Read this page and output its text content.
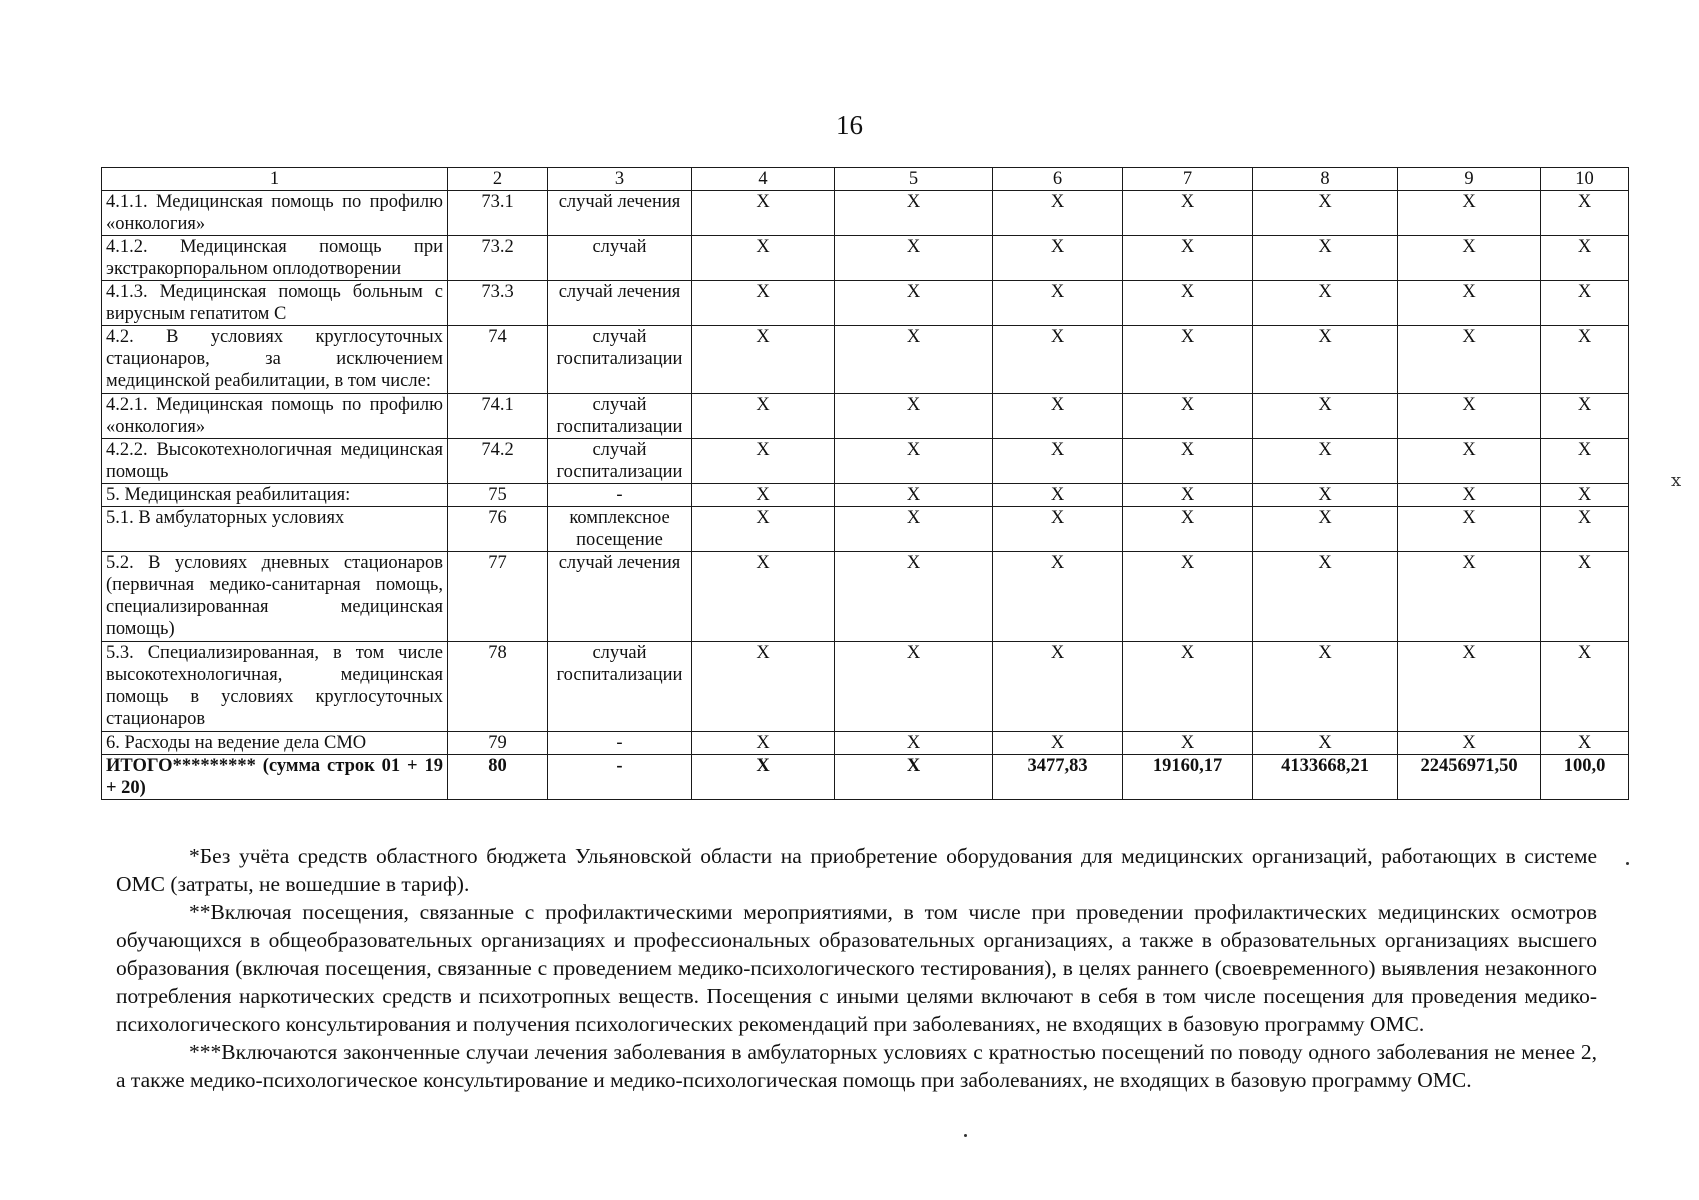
16
1	2	3	4	5	6	7	8	9	10
4.1.1. Медицинская помощь по профилю «онкология»	73.1	случай лечения	X	X	X	X	X	X	X
4.1.2. Медицинская помощь при экстракорпоральном оплодотворении	73.2	случай	X	X	X	X	X	X	X
4.1.3. Медицинская помощь больным с вирусным гепатитом С	73.3	случай лечения	X	X	X	X	X	X	X
4.2. В условиях круглосуточных стационаров, за исключением медицинской реабилитации, в том числе:	74	случай госпитализации	X	X	X	X	X	X	X
4.2.1. Медицинская помощь по профилю «онкология»	74.1	случай госпитализации	X	X	X	X	X	X	X
4.2.2. Высокотехнологичная медицинская помощь	74.2	случай госпитализации	X	X	X	X	X	X	X
5. Медицинская реабилитация:	75	-	X	X	X	X	X	X	X
5.1. В амбулаторных условиях	76	комплексное посещение	X	X	X	X	X	X	X
5.2. В условиях дневных стационаров (первичная медико-санитарная помощь, специализированная медицинская помощь)	77	случай лечения	X	X	X	X	X	X	X
5.3. Специализированная, в том числе высокотехнологичная, медицинская помощь в условиях круглосуточных стационаров	78	случай госпитализации	X	X	X	X	X	X	X
6. Расходы на ведение дела СМО	79	-	X	X	X	X	X	X	X
ИТОГО********* (сумма строк 01 + 19 + 20)	80	-	X	X	3477,83	19160,17	4133668,21	22456971,50	100,0

*Без учёта средств областного бюджета Ульяновской области на приобретение оборудования для медицинских организаций, работающих в системе ОМС (затраты, не вошедшие в тариф).

**Включая посещения, связанные с профилактическими мероприятиями, в том числе при проведении профилактических медицинских осмотров обучающихся в общеобразовательных организациях и профессиональных образовательных организациях, а также в образовательных организациях высшего образования (включая посещения, связанные с проведением медико-психологического тестирования), в целях раннего (своевременного) выявления незаконного потребления наркотических средств и психотропных веществ. Посещения с иными целями включают в себя в том числе посещения для проведения медико-психологического консультирования и получения психологических рекомендаций при заболеваниях, не входящих в базовую программу ОМС.

***Включаются законченные случаи лечения заболевания в амбулаторных условиях с кратностью посещений по поводу одного заболевания не менее 2, а также медико-психологическое консультирование и медико-психологическая помощь при заболеваниях, не входящих в базовую программу ОМС.

ⅹ
